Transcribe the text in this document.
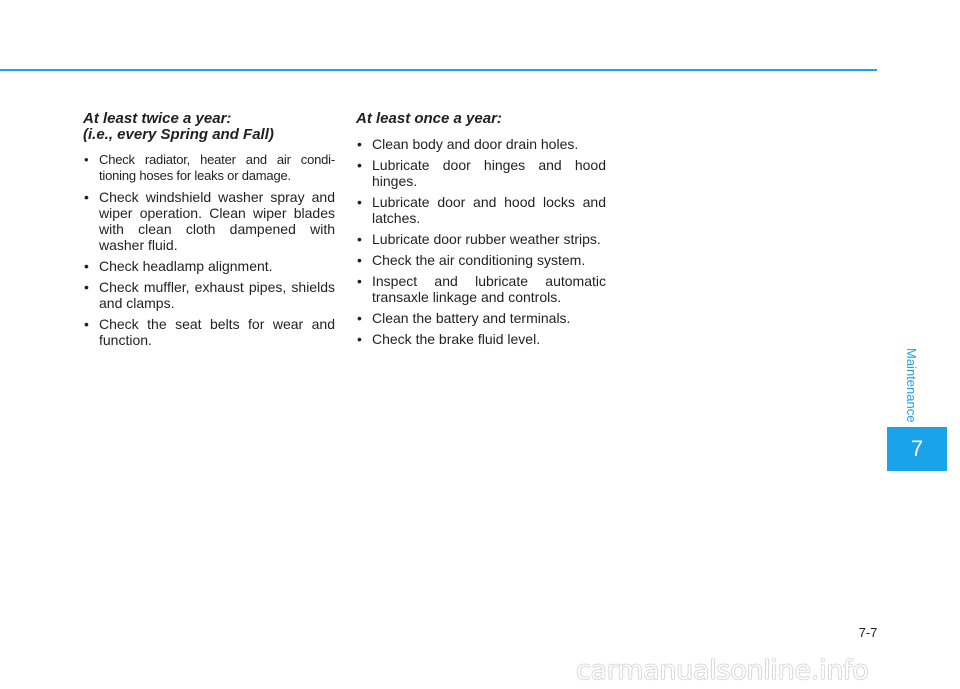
At least twice a year:
(i.e., every Spring and Fall)
• Check radiator, heater and air condi-tioning hoses for leaks or damage.
• Check windshield washer spray and wiper operation. Clean wiper blades with clean cloth dampened with washer fluid.
• Check headlamp alignment.
• Check muffler, exhaust pipes, shields and clamps.
• Check the seat belts for wear and function.
At least once a year:
• Clean body and door drain holes.
• Lubricate door hinges and hood hinges.
• Lubricate door and hood locks and latches.
• Lubricate door rubber weather strips.
• Check the air conditioning system.
• Inspect and lubricate automatic transaxle linkage and controls.
• Clean the battery and terminals.
• Check the brake fluid level.
Maintenance
7
7-7
carmanualsonline.info
